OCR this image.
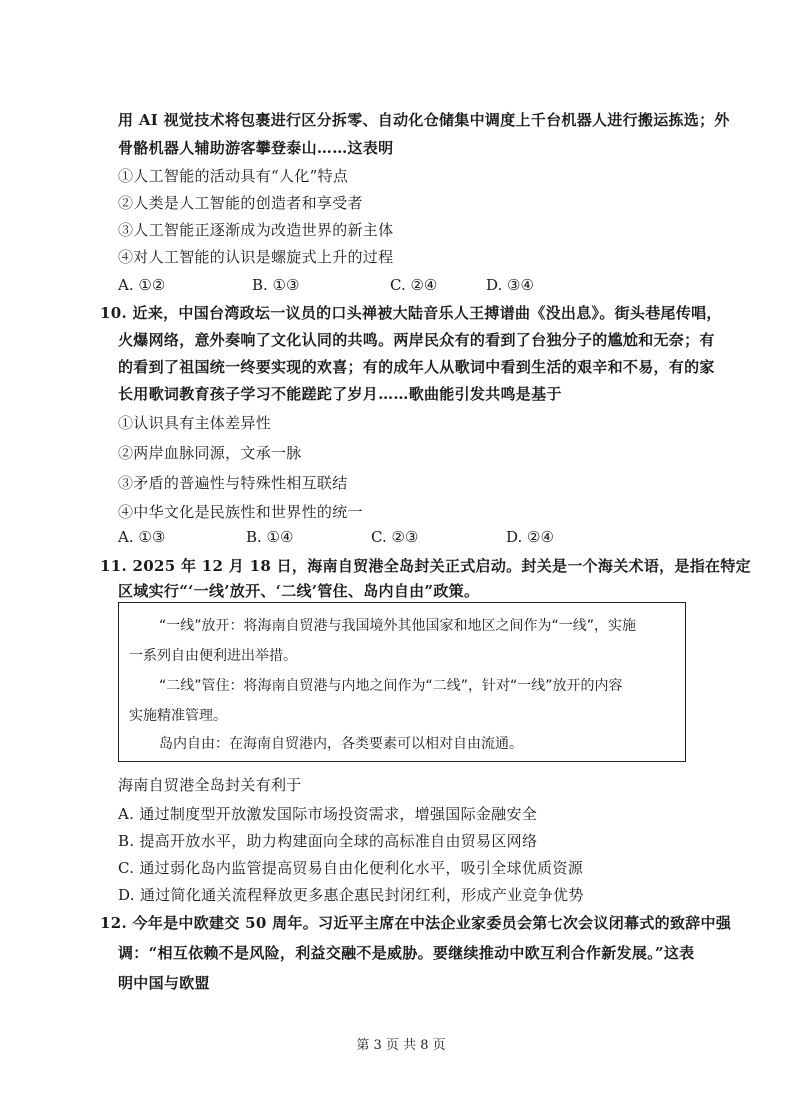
用 AI 视觉技术将包裹进行区分拆零、自动化仓储集中调度上千台机器人进行搬运拣选；外
骨骼机器人辅助游客攀登泰山……这表明
①人工智能的活动具有“人化”特点
②人类是人工智能的创造者和享受者
③人工智能正逐渐成为改造世界的新主体
④对人工智能的认识是螺旋式上升的过程
A. ①②	B. ①③	C. ②④	D. ③④
10. 近来，中国台湾政坛一议员的口头禅被大陆音乐人王搏谱曲《没出息》。街头巷尾传唱，
火爆网络，意外奏响了文化认同的共鸣。两岸民众有的看到了台独分子的尴尬和无奈；有
的看到了祖国统一终要实现的欢喜；有的成年人从歌词中看到生活的艰辛和不易，有的家
长用歌词教育孩子学习不能蹉跎了岁月……歌曲能引发共鸣是基于
①认识具有主体差异性
②两岸血脉同源，文承一脉
③矛盾的普遍性与特殊性相互联结
④中华文化是民族性和世界性的统一
A. ①③	B. ①④	C. ②③	D. ②④
11. 2025 年 12 月 18 日，海南自贸港全岛封关正式启动。封关是一个海关术语，是指在特定
区域实行“‘一线’放开、‘二线’管住、岛内自由”政策。
“一线”放开：将海南自贸港与我国境外其他国家和地区之间作为“一线”，实施
一系列自由便利进出举措。
“二线”管住：将海南自贸港与内地之间作为“二线”，针对“一线”放开的内容
实施精准管理。
岛内自由：在海南自贸港内，各类要素可以相对自由流通。
海南自贸港全岛封关有利于
A. 通过制度型开放激发国际市场投资需求，增强国际金融安全
B. 提高开放水平，助力构建面向全球的高标准自由贸易区网络
C. 通过弱化岛内监管提高贸易自由化便利化水平，吸引全球优质资源
D. 通过简化通关流程释放更多惠企惠民封闭红利，形成产业竞争优势
12. 今年是中欧建交 50 周年。习近平主席在中法企业家委员会第七次会议闭幕式的致辞中强
调：“相互依赖不是风险，利益交融不是威胁。要继续推动中欧互利合作新发展。”这表
明中国与欧盟
第 3 页 共 8 页
